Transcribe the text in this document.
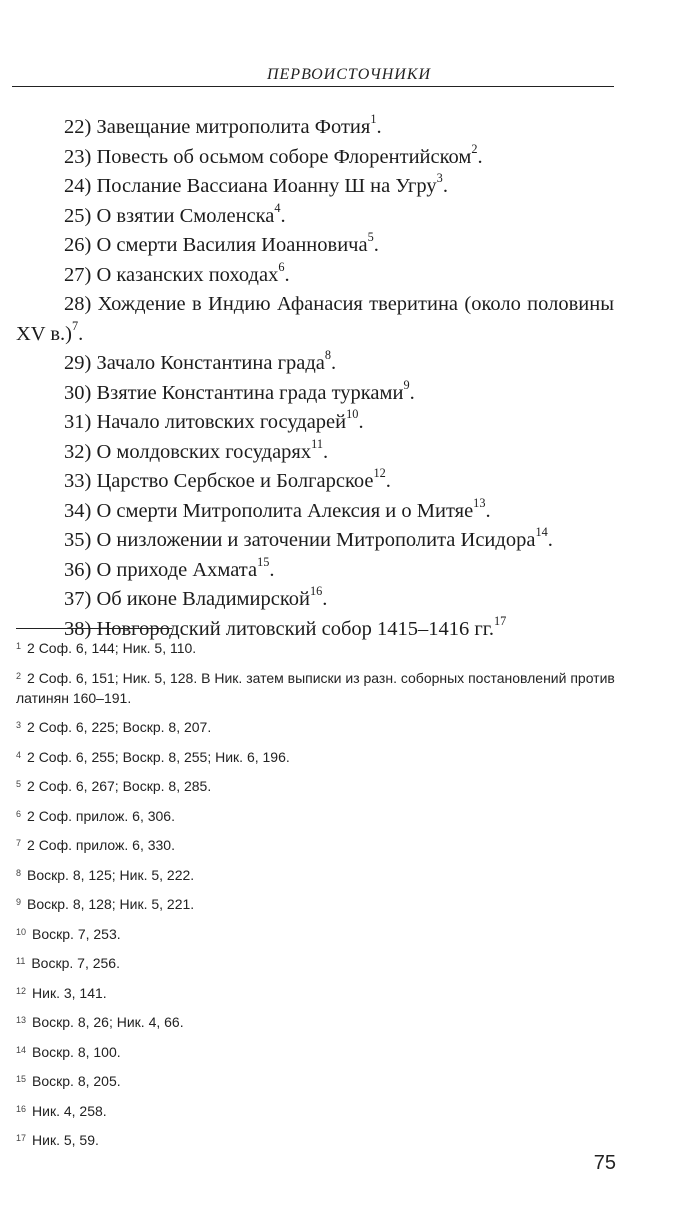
ПЕРВОИСТОЧНИКИ

22) Завещание митрополита Фотия$^1$.

23) Повесть об осьмом соборе Флорентийском$^2$.

24) Послание Вассиана Иоанну Ш на Угру$^3$.

25) О взятии Смоленска$^4$.

26) О смерти Василия Иоанновича$^5$.

27) О казанских походах$^6$.

28) Хождение в Индию Афанасия тверитина (около половины XV в.)$^7$.

29) Зачало Константина града$^8$.

30) Взятие Константина града турками$^9$.

31) Начало литовских государей$^{10}$.

32) О молдовских государях$^{11}$.

33) Царство Сербское и Болгарское$^{12}$.

34) О смерти Митрополита Алексия и о Митяе$^{13}$.

35) О низложении и заточении Митрополита Исидора$^{14}$.

36) О приходе Ахмата$^{15}$.

37) Об иконе Владимирской$^{16}$.

38) Новгородский литовский собор 1415–1416 гг.$^{17}$

$^1$ 2 Соф. 6, 144; Ник. 5, 110.

$^2$ 2 Соф. 6, 151; Ник. 5, 128. В Ник. затем выписки из разн. соборных постановлений против латинян 160–191.

$^3$ 2 Соф. 6, 225; Воскр. 8, 207.

$^4$ 2 Соф. 6, 255; Воскр. 8, 255; Ник. 6, 196.

$^5$ 2 Соф. 6, 267; Воскр. 8, 285.

$^6$ 2 Соф. прилож. 6, 306.

$^7$ 2 Соф. прилож. 6, 330.

$^8$ Воскр. 8, 125; Ник. 5, 222.

$^9$ Воскр. 8, 128; Ник. 5, 221.

$^{10}$ Воскр. 7, 253.

$^{11}$ Воскр. 7, 256.

$^{12}$ Ник. 3, 141.

$^{13}$ Воскр. 8, 26; Ник. 4, 66.

$^{14}$ Воскр. 8, 100.

$^{15}$ Воскр. 8, 205.

$^{16}$ Ник. 4, 258.

$^{17}$ Ник. 5, 59.

75
